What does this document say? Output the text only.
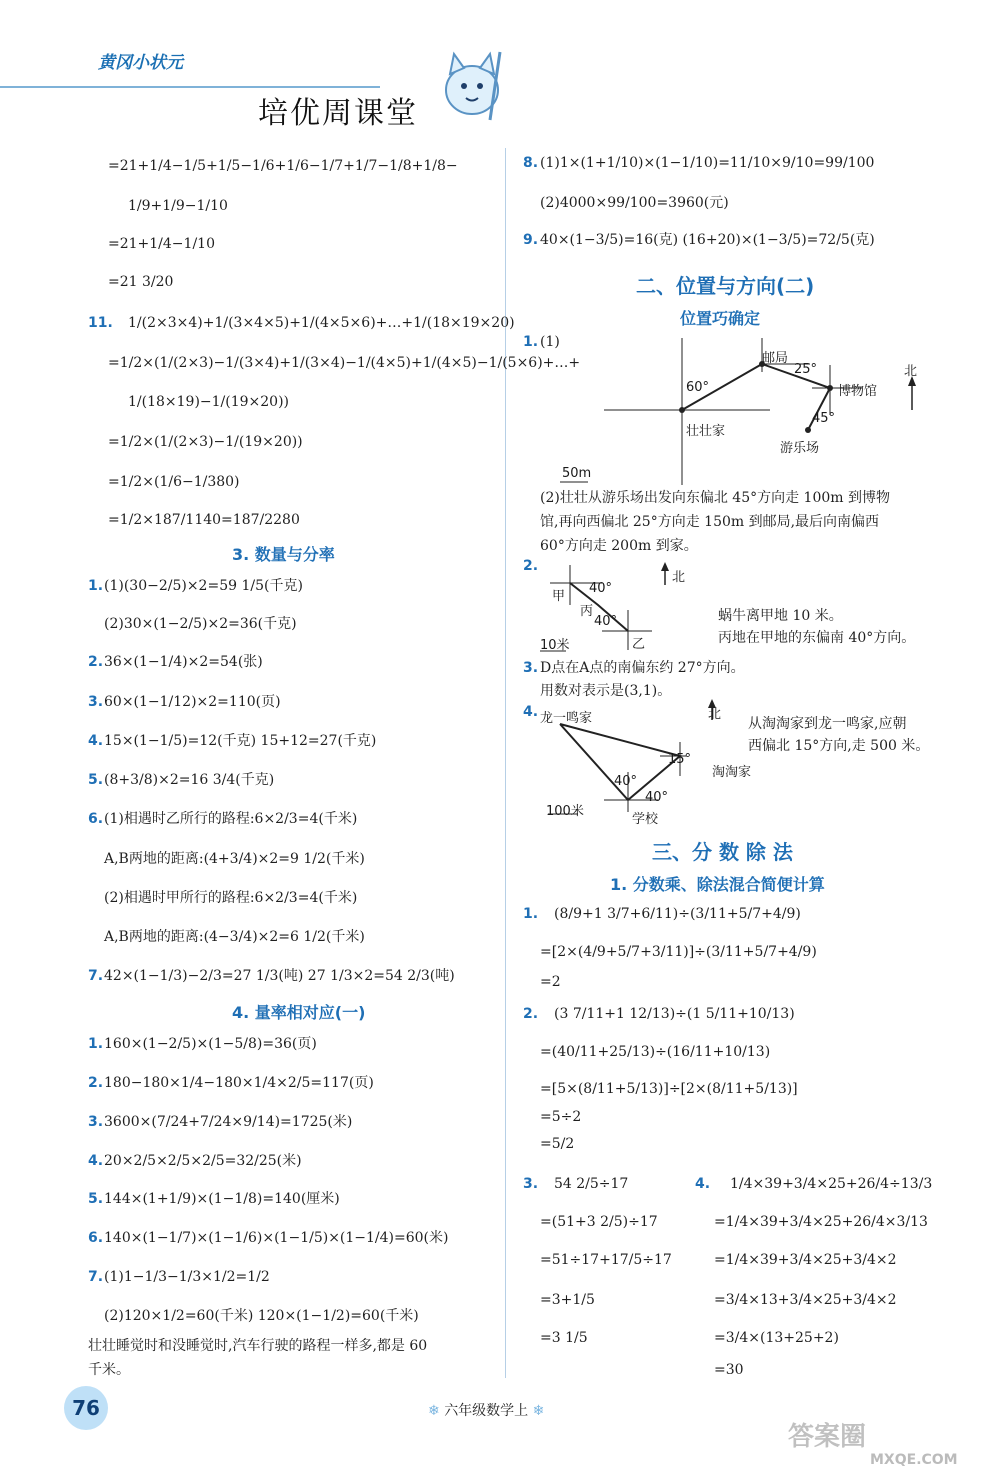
黄冈小状元
培优周课堂
=21+1/4−1/5+1/5−1/6+1/6−1/7+1/7−1/8+1/8−
1/9+1/9−1/10
=21+1/4−1/10
=21 3/20
11. 1/(2×3×4)+1/(3×4×5)+1/(4×5×6)+…+1/(18×19×20)
=1/2×(1/(2×3)−1/(3×4)+1/(3×4)−1/(4×5)+1/(4×5)−1/(5×6)+…+
1/(18×19)−1/(19×20))
=1/2×(1/(2×3)−1/(19×20))
=1/2×(1/6−1/380)
=1/2×187/1140=187/2280
3. 数量与分率
1. (1)(30−2/5)×2=59 1/5(千克)
(2)30×(1−2/5)×2=36(千克)
2. 36×(1−1/4)×2=54(张)
3. 60×(1−1/12)×2=110(页)
4. 15×(1−1/5)=12(千克) 15+12=27(千克)
5. (8+3/8)×2=16 3/4(千克)
6. (1)相遇时乙所行的路程:6×2/3=4(千米)
A,B两地的距离:(4+3/4)×2=9 1/2(千米)
(2)相遇时甲所行的路程:6×2/3=4(千米)
A,B两地的距离:(4−3/4)×2=6 1/2(千米)
7. 42×(1−1/3)−2/3=27 1/3(吨) 27 1/3×2=54 2/3(吨)
4. 量率相对应(一)
1. 160×(1−2/5)×(1−5/8)=36(页)
2. 180−180×1/4−180×1/4×2/5=117(页)
3. 3600×(7/24+7/24×9/14)=1725(米)
4. 20×2/5×2/5×2/5=32/25(米)
5. 144×(1+1/9)×(1−1/8)=140(厘米)
6. 140×(1−1/7)×(1−1/6)×(1−1/5)×(1−1/4)=60(米)
7. (1)1−1/3−1/3×1/2=1/2
(2)120×1/2=60(千米) 120×(1−1/2)=60(千米)
壮壮睡觉时和没睡觉时,汽车行驶的路程一样多,都是 60
千米。
8. (1)1×(1+1/10)×(1−1/10)=11/10×9/10=99/100
(2)4000×99/100=3960(元)
9. 40×(1−3/5)=16(克) (16+20)×(1−3/5)=72/5(克)
二、位置与方向(二)
位置巧确定
1. (1)
邮局
博物馆
壮壮家
游乐场
北
60°
25°
45°
50m
(2)壮壮从游乐场出发向东偏北 45°方向走 100m 到博物
馆,再向西偏北 25°方向走 150m 到邮局,最后向南偏西
60°方向走 200m 到家。
2.
甲
丙
乙
北
40°
40°
10米
蜗牛离甲地 10 米。
丙地在甲地的东偏南 40°方向。
3. D点在A点的南偏东约 27°方向。
用数对表示是(3,1)。
4. 龙一鸣家
淘淘家
学校
北
15°
40°
40°
100米
从淘淘家到龙一鸣家,应朝
西偏北 15°方向,走 500 米。
三、分 数 除 法
1. 分数乘、除法混合简便计算
1. (8/9+1 3/7+6/11)÷(3/11+5/7+4/9)
=[2×(4/9+5/7+3/11)]÷(3/11+5/7+4/9)
=2
2. (3 7/11+1 12/13)÷(1 5/11+10/13)
=(40/11+25/13)÷(16/11+10/13)
=[5×(8/11+5/13)]÷[2×(8/11+5/13)]
=5÷2
=5/2
3. 54 2/5÷17
=(51+3 2/5)÷17
=51÷17+17/5÷17
=3+1/5
=3 1/5
4. 1/4×39+3/4×25+26/4÷13/3
=1/4×39+3/4×25+26/4×3/13
=1/4×39+3/4×25+3/4×2
=3/4×13+3/4×25+3/4×2
=3/4×(13+25+2)
=30
76	❄ 六年级数学上 ❄
答案圈
MXQE.COM
